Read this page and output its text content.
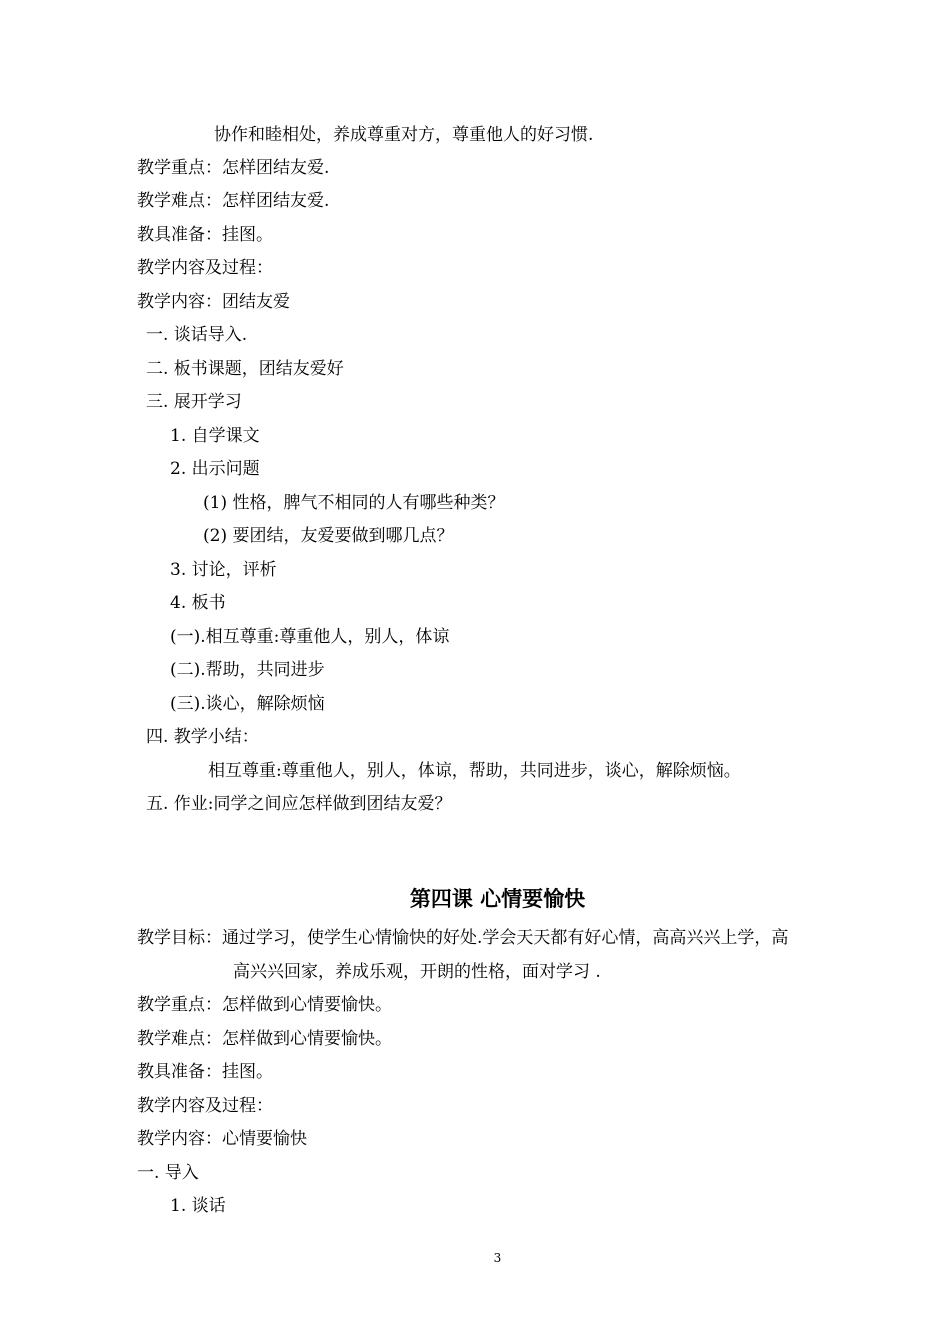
协作和睦相处，养成尊重对方，尊重他人的好习惯.
教学重点：怎样团结友爱.
教学难点：怎样团结友爱.
教具准备：挂图。
教学内容及过程：
教学内容：团结友爱
一. 谈话导入.
二. 板书课题，团结友爱好
三. 展开学习
1. 自学课文
2. 出示问题
(1) 性格，脾气不相同的人有哪些种类？
(2) 要团结，友爱要做到哪几点？
3. 讨论，评析
4. 板书
(一).相互尊重:尊重他人，别人，体谅
(二).帮助，共同进步
(三).谈心，解除烦恼
四. 教学小结：
相互尊重:尊重他人，别人，体谅，帮助，共同进步，谈心，解除烦恼。
五. 作业:同学之间应怎样做到团结友爱？
第四课 心情要愉快
教学目标：通过学习，使学生心情愉快的好处.学会天天都有好心情，高高兴兴上学，高
高兴兴回家，养成乐观，开朗的性格，面对学习 .
教学重点：怎样做到心情要愉快。
教学难点：怎样做到心情要愉快。
教具准备：挂图。
教学内容及过程：
教学内容：心情要愉快
一. 导入
1. 谈话
3
